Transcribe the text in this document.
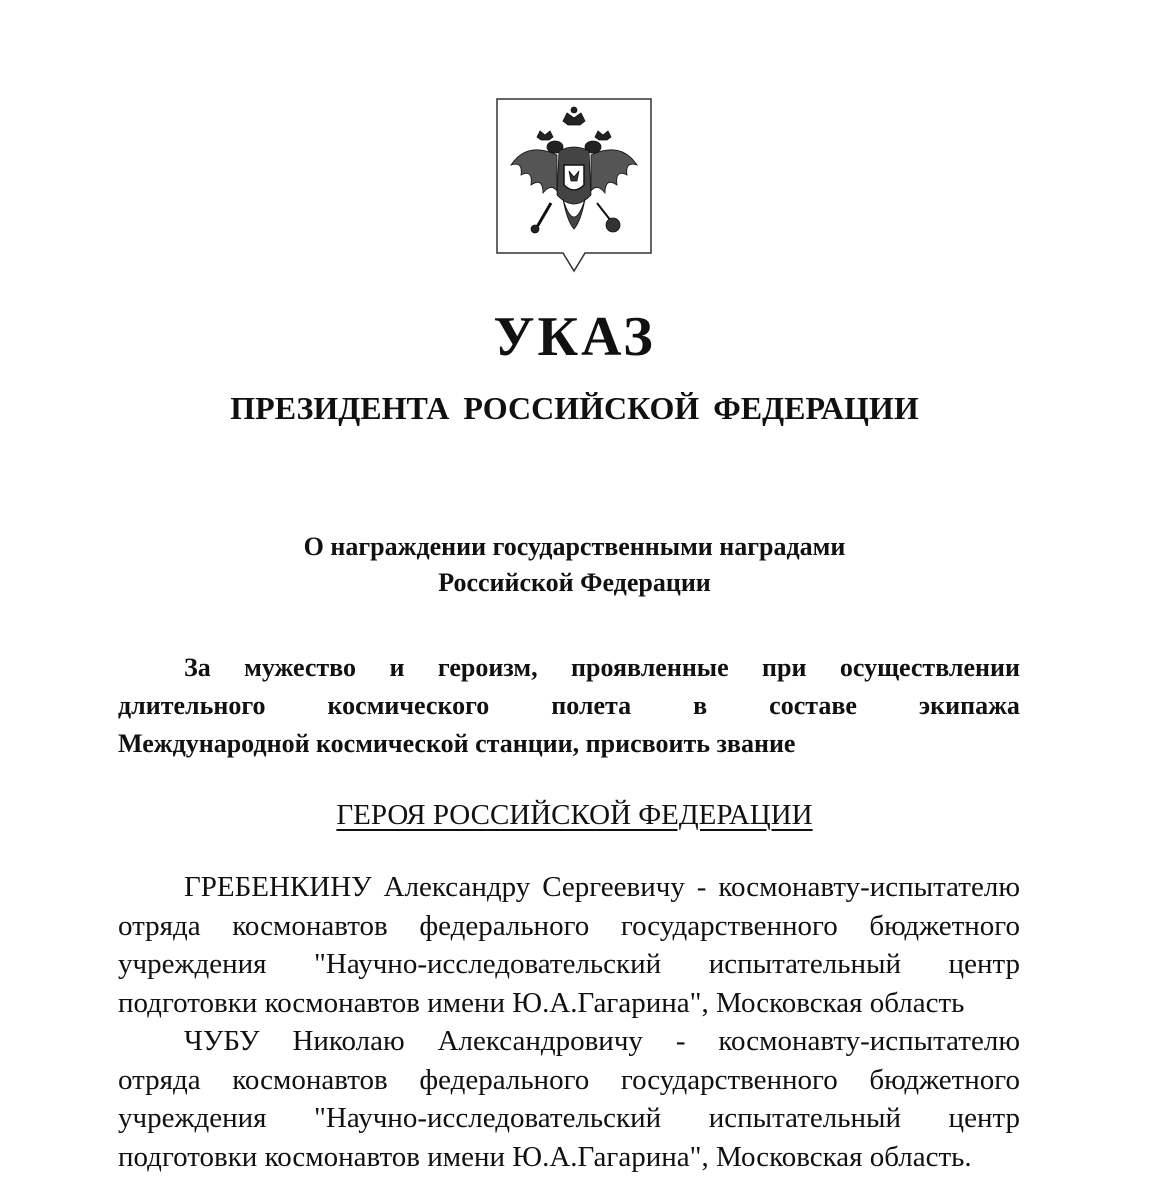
УКАЗ
ПРЕЗИДЕНТА РОССИЙСКОЙ ФЕДЕРАЦИИ
О награждении государственными наградами
Российской Федерации
За мужество и героизм, проявленные при осуществлении
длительного космического полета в составе экипажа
Международной космической станции, присвоить звание
ГЕРОЯ РОССИЙСКОЙ ФЕДЕРАЦИИ
ГРЕБЕНКИНУ Александру Сергеевичу - космонавту-испытателю
отряда космонавтов федерального государственного бюджетного
учреждения "Научно-исследовательский испытательный центр
подготовки космонавтов имени Ю.А.Гагарина", Московская область
ЧУБУ Николаю Александровичу - космонавту-испытателю
отряда космонавтов федерального государственного бюджетного
учреждения "Научно-исследовательский испытательный центр
подготовки космонавтов имени Ю.А.Гагарина", Московская область.
